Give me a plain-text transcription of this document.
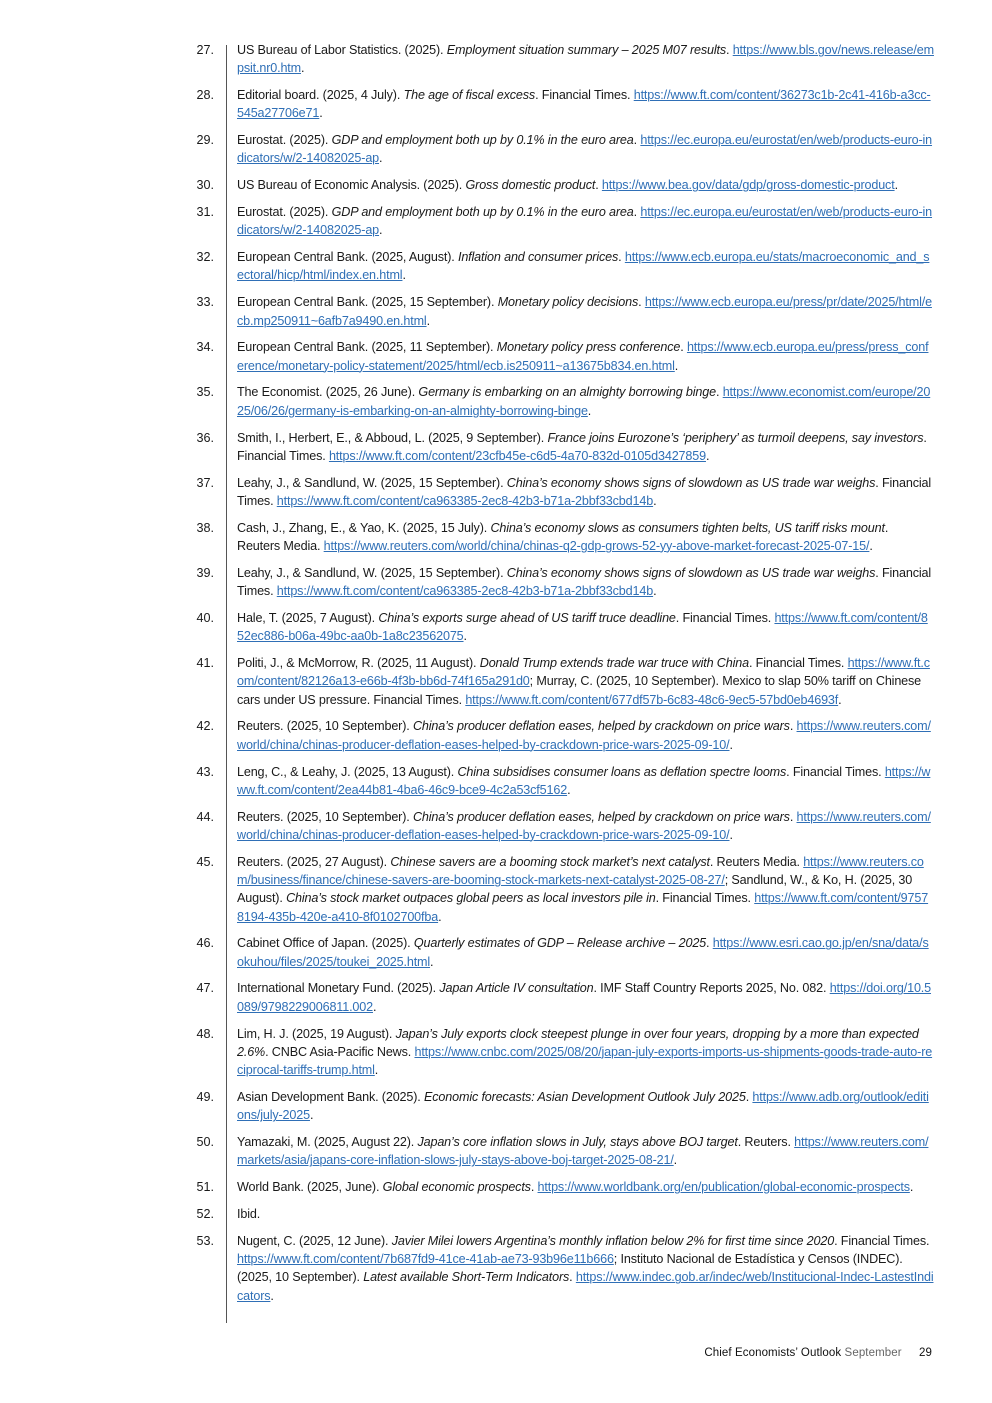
27. US Bureau of Labor Statistics. (2025). Employment situation summary – 2025 M07 results. https://www.bls.gov/news.release/empsit.nr0.htm.
28. Editorial board. (2025, 4 July). The age of fiscal excess. Financial Times. https://www.ft.com/content/36273c1b-2c41-416b-a3cc-545a27706e71.
29. Eurostat. (2025). GDP and employment both up by 0.1% in the euro area. https://ec.europa.eu/eurostat/en/web/products-euro-indicators/w/2-14082025-ap.
30. US Bureau of Economic Analysis. (2025). Gross domestic product. https://www.bea.gov/data/gdp/gross-domestic-product.
31. Eurostat. (2025). GDP and employment both up by 0.1% in the euro area. https://ec.europa.eu/eurostat/en/web/products-euro-indicators/w/2-14082025-ap.
32. European Central Bank. (2025, August). Inflation and consumer prices. https://www.ecb.europa.eu/stats/macroeconomic_and_sectoral/hicp/html/index.en.html.
33. European Central Bank. (2025, 15 September). Monetary policy decisions. https://www.ecb.europa.eu/press/pr/date/2025/html/ecb.mp250911~6afb7a9490.en.html.
34. European Central Bank. (2025, 11 September). Monetary policy press conference. https://www.ecb.europa.eu/press/press_conference/monetary-policy-statement/2025/html/ecb.is250911~a13675b834.en.html.
35. The Economist. (2025, 26 June). Germany is embarking on an almighty borrowing binge. https://www.economist.com/europe/2025/06/26/germany-is-embarking-on-an-almighty-borrowing-binge.
36. Smith, I., Herbert, E., & Abboud, L. (2025, 9 September). France joins Eurozone’s ‘periphery’ as turmoil deepens, say investors. Financial Times. https://www.ft.com/content/23cfb45e-c6d5-4a70-832d-0105d3427859.
37. Leahy, J., & Sandlund, W. (2025, 15 September). China’s economy shows signs of slowdown as US trade war weighs. Financial Times. https://www.ft.com/content/ca963385-2ec8-42b3-b71a-2bbf33cbd14b.
38. Cash, J., Zhang, E., & Yao, K. (2025, 15 July). China’s economy slows as consumers tighten belts, US tariff risks mount. Reuters Media. https://www.reuters.com/world/china/chinas-q2-gdp-grows-52-yy-above-market-forecast-2025-07-15/.
39. Leahy, J., & Sandlund, W. (2025, 15 September). China’s economy shows signs of slowdown as US trade war weighs. Financial Times. https://www.ft.com/content/ca963385-2ec8-42b3-b71a-2bbf33cbd14b.
40. Hale, T. (2025, 7 August). China’s exports surge ahead of US tariff truce deadline. Financial Times. https://www.ft.com/content/852ec886-b06a-49bc-aa0b-1a8c23562075.
41. Politi, J., & McMorrow, R. (2025, 11 August). Donald Trump extends trade war truce with China. Financial Times. https://www.ft.com/content/82126a13-e66b-4f3b-bb6d-74f165a291d0; Murray, C. (2025, 10 September). Mexico to slap 50% tariff on Chinese cars under US pressure. Financial Times. https://www.ft.com/content/677df57b-6c83-48c6-9ec5-57bd0eb4693f.
42. Reuters. (2025, 10 September). China’s producer deflation eases, helped by crackdown on price wars. https://www.reuters.com/world/china/chinas-producer-deflation-eases-helped-by-crackdown-price-wars-2025-09-10/.
43. Leng, C., & Leahy, J. (2025, 13 August). China subsidises consumer loans as deflation spectre looms. Financial Times. https://www.ft.com/content/2ea44b81-4ba6-46c9-bce9-4c2a53cf5162.
44. Reuters. (2025, 10 September). China’s producer deflation eases, helped by crackdown on price wars. https://www.reuters.com/world/china/chinas-producer-deflation-eases-helped-by-crackdown-price-wars-2025-09-10/.
45. Reuters. (2025, 27 August). Chinese savers are a booming stock market’s next catalyst. Reuters Media. https://www.reuters.com/business/finance/chinese-savers-are-booming-stock-markets-next-catalyst-2025-08-27/; Sandlund, W., & Ko, H. (2025, 30 August). China’s stock market outpaces global peers as local investors pile in. Financial Times. https://www.ft.com/content/97578194-435b-420e-a410-8f0102700fba.
46. Cabinet Office of Japan. (2025). Quarterly estimates of GDP – Release archive – 2025. https://www.esri.cao.go.jp/en/sna/data/sokuhou/files/2025/toukei_2025.html.
47. International Monetary Fund. (2025). Japan Article IV consultation. IMF Staff Country Reports 2025, No. 082. https://doi.org/10.5089/9798229006811.002.
48. Lim, H. J. (2025, 19 August). Japan’s July exports clock steepest plunge in over four years, dropping by a more than expected 2.6%. CNBC Asia-Pacific News. https://www.cnbc.com/2025/08/20/japan-july-exports-imports-us-shipments-goods-trade-auto-reciprocal-tariffs-trump.html.
49. Asian Development Bank. (2025). Economic forecasts: Asian Development Outlook July 2025. https://www.adb.org/outlook/editions/july-2025.
50. Yamazaki, M. (2025, August 22). Japan’s core inflation slows in July, stays above BOJ target. Reuters. https://www.reuters.com/markets/asia/japans-core-inflation-slows-july-stays-above-boj-target-2025-08-21/.
51. World Bank. (2025, June). Global economic prospects. https://www.worldbank.org/en/publication/global-economic-prospects.
52. Ibid.
53. Nugent, C. (2025, 12 June). Javier Milei lowers Argentina’s monthly inflation below 2% for first time since 2020. Financial Times. https://www.ft.com/content/7b687fd9-41ce-41ab-ae73-93b96e11b666; Instituto Nacional de Estadística y Censos (INDEC). (2025, 10 September). Latest available Short-Term Indicators. https://www.indec.gob.ar/indec/web/Institucional-Indec-LastestIndicators.
Chief Economists’ Outlook September 29
